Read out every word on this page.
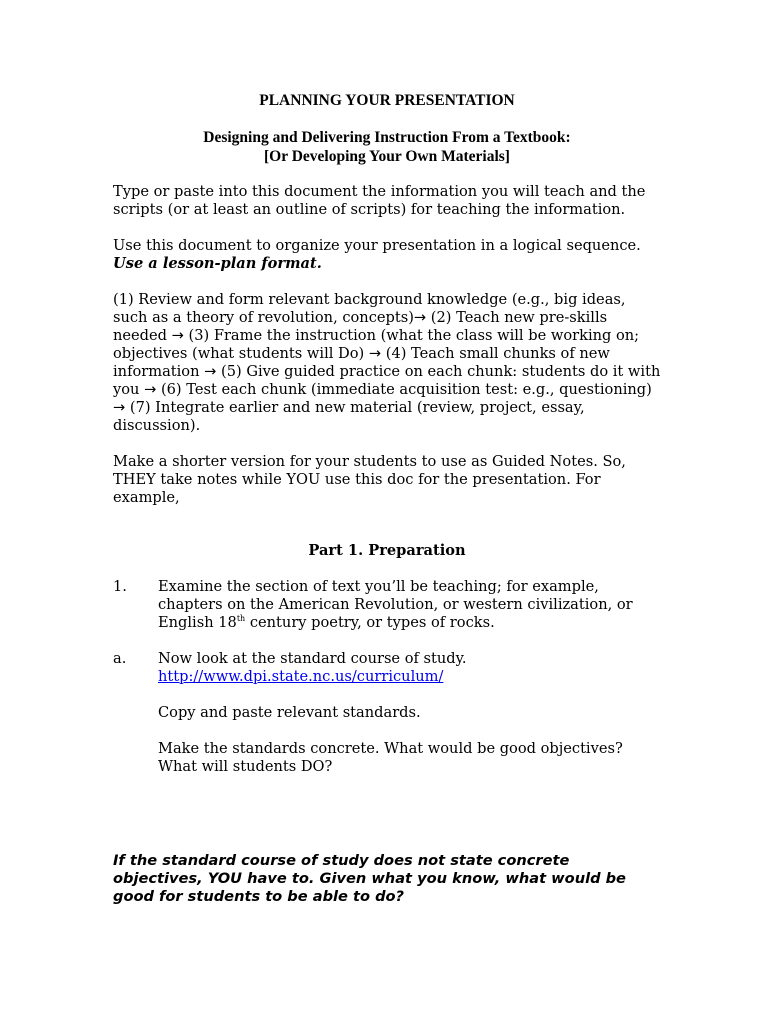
PLANNING YOUR PRESENTATION
Designing and Delivering Instruction From a Textbook:
[Or Developing Your Own Materials]

Type or paste into this document the information you will teach and the scripts (or at least an outline of scripts) for teaching the information.

Use this document to organize your presentation in a logical sequence. Use a lesson-plan format.

(1) Review and form relevant background knowledge (e.g., big ideas, such as a theory of revolution, concepts)→ (2) Teach new pre-skills needed → (3) Frame the instruction (what the class will be working on; objectives (what students will Do) → (4) Teach small chunks of new information → (5) Give guided practice on each chunk: students do it with you → (6) Test each chunk (immediate acquisition test: e.g., questioning) → (7) Integrate earlier and new material (review, project, essay, discussion).

Make a shorter version for your students to use as Guided Notes. So, THEY take notes while YOU use this doc for the presentation. For example,

Part 1. Preparation
1.	Examine the section of text you’ll be teaching; for example, chapters on the American Revolution, or western civilization, or English 18th century poetry, or types of rocks.
a.	Now look at the standard course of study.
http://www.dpi.state.nc.us/curriculum/

Copy and paste relevant standards.

Make the standards concrete. What would be good objectives? What will students DO?

If the standard course of study does not state concrete objectives, YOU have to. Given what you know, what would be good for students to be able to do?
